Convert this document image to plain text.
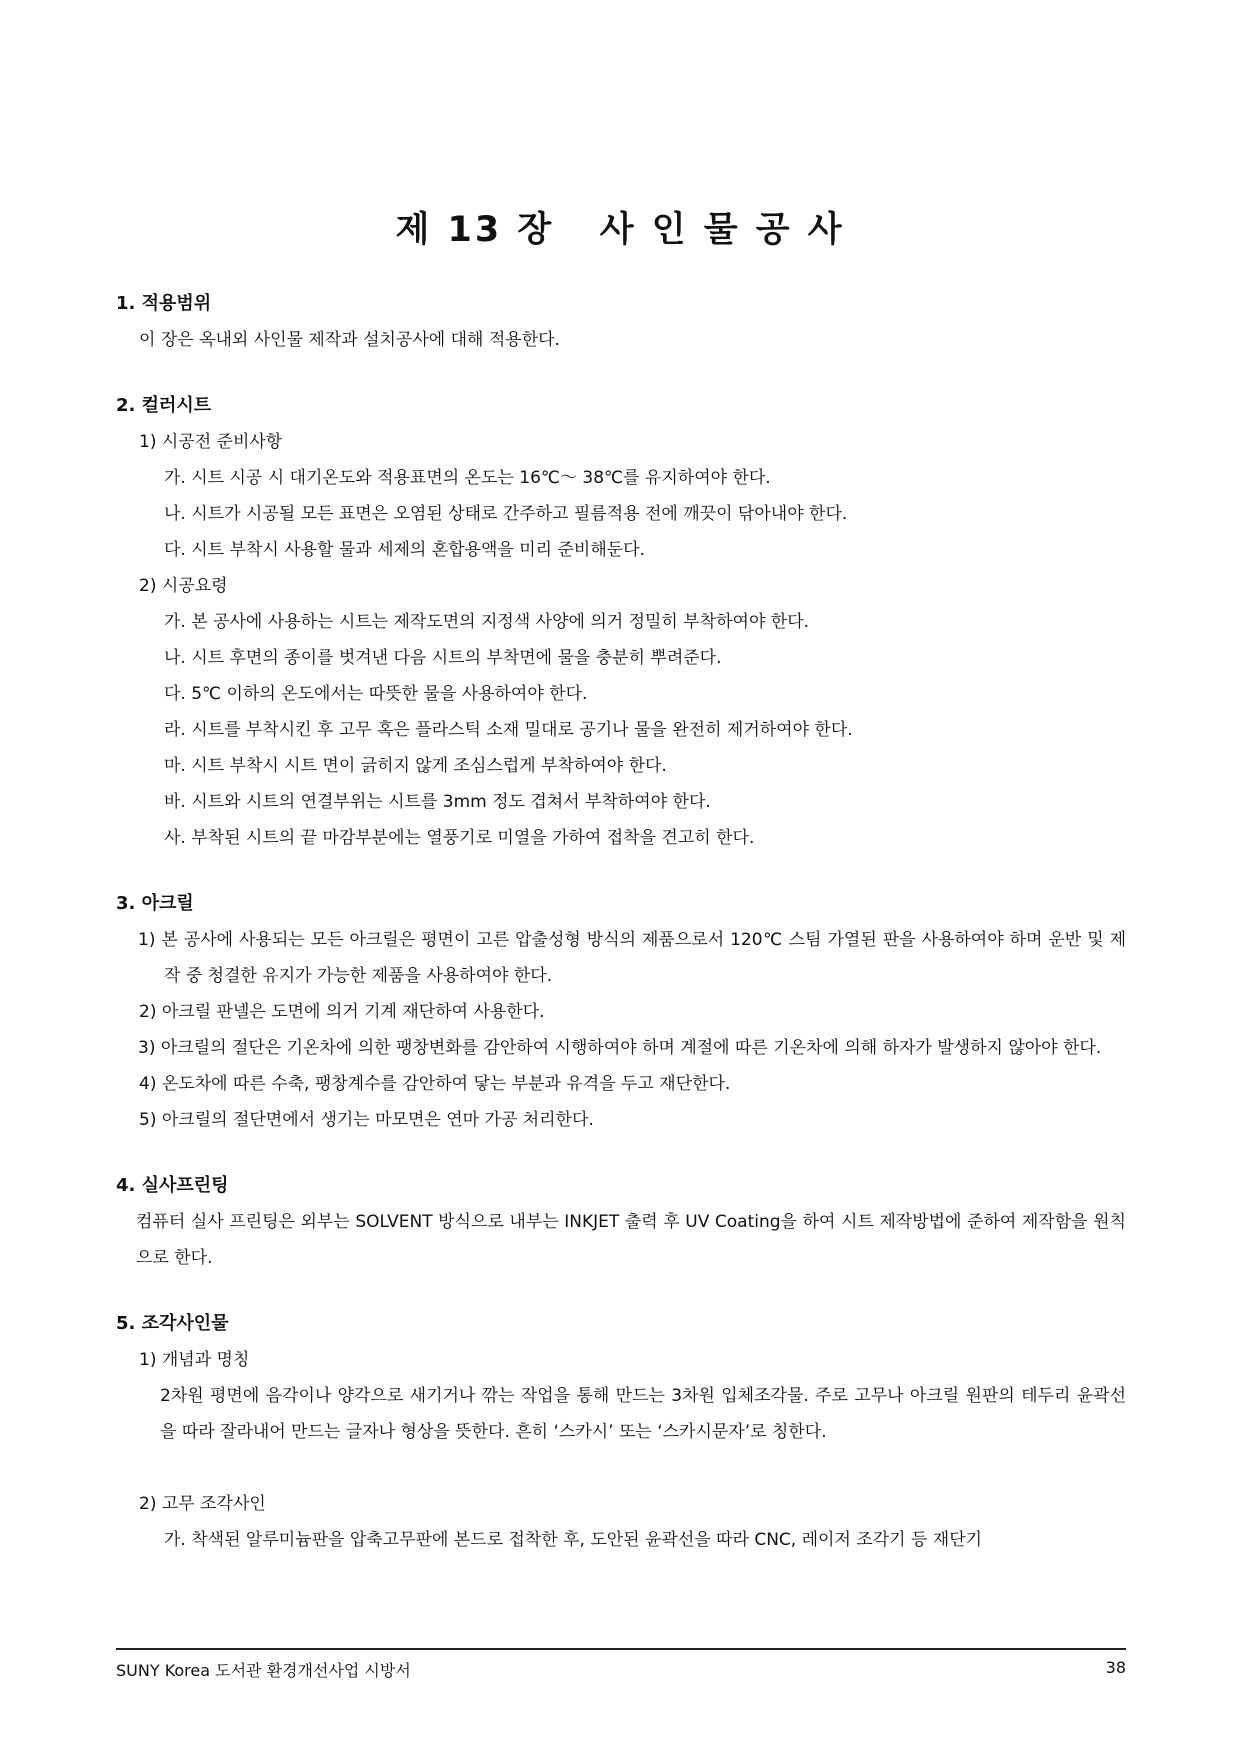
제 13 장   사 인 물 공 사
1. 적용범위
이 장은 옥내외 사인물 제작과 설치공사에 대해 적용한다.
2. 컬러시트
1) 시공전 준비사항
가. 시트 시공 시 대기온도와 적용표면의 온도는 16℃～ 38℃를 유지하여야 한다.
나. 시트가 시공될 모든 표면은 오염된 상태로 간주하고 필름적용 전에 깨끗이 닦아내야 한다.
다. 시트 부착시 사용할 물과 세제의 혼합용액을 미리 준비해둔다.
2) 시공요령
가. 본 공사에 사용하는 시트는 제작도면의 지정색 사양에 의거 정밀히 부착하여야 한다.
나. 시트 후면의 종이를 벗겨낸 다음 시트의 부착면에 물을 충분히 뿌려준다.
다. 5℃ 이하의 온도에서는 따뜻한 물을 사용하여야 한다.
라. 시트를 부착시킨 후 고무 혹은 플라스틱 소재 밀대로 공기나 물을 완전히 제거하여야 한다.
마. 시트 부착시 시트 면이 긁히지 않게 조심스럽게 부착하여야 한다.
바. 시트와 시트의 연결부위는 시트를 3mm 정도 겹쳐서 부착하여야 한다.
사. 부착된 시트의 끝 마감부분에는 열풍기로 미열을 가하여 접착을 견고히 한다.
3. 아크릴
1) 본 공사에 사용되는 모든 아크릴은 평면이 고른 압출성형 방식의 제품으로서 120℃ 스팀 가열된 판을 사용하여야 하며 운반 및 제작 중 청결한 유지가 가능한 제품을 사용하여야 한다.
2) 아크릴 판넬은 도면에 의거 기계 재단하여 사용한다.
3) 아크릴의 절단은 기온차에 의한 팽창변화를 감안하여 시행하여야 하며 계절에 따른 기온차에 의해 하자가 발생하지 않아야 한다.
4) 온도차에 따른 수축, 팽창계수를 감안하여 닿는 부분과 유격을 두고 재단한다.
5) 아크릴의 절단면에서 생기는 마모면은 연마 가공 처리한다.
4. 실사프린팅
컴퓨터 실사 프린팅은 외부는 SOLVENT 방식으로 내부는 INKJET 출력 후 UV Coating을 하여 시트 제작방법에 준하여 제작함을 원칙으로 한다.
5. 조각사인물
1) 개념과 명칭
2차원 평면에 음각이나 양각으로 새기거나 깎는 작업을 통해 만드는 3차원 입체조각물. 주로 고무나 아크릴 원판의 테두리 윤곽선을 따라 잘라내어 만드는 글자나 형상을 뜻한다. 흔히 ‘스카시’ 또는 ‘스카시문자’로 칭한다.
2) 고무 조각사인
가. 착색된 알루미늄판을 압축고무판에 본드로 접착한 후, 도안된 윤곽선을 따라 CNC, 레이저 조각기 등 재단기
SUNY Korea 도서관 환경개선사업 시방서	38
